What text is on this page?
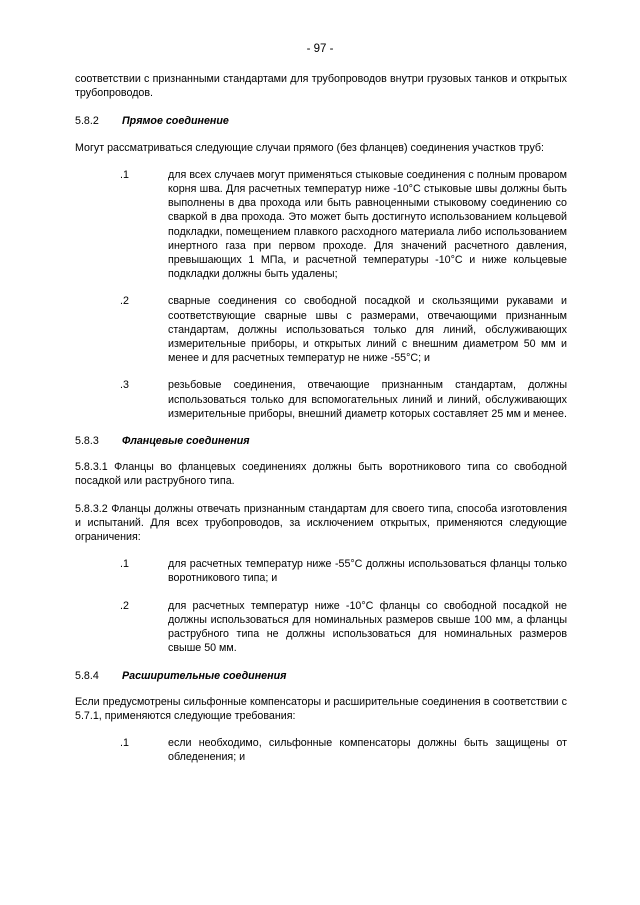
- 97 -

соответствии с признанными стандартами для трубопроводов внутри грузовых танков и открытых трубопроводов.

5.8.2	Прямое соединение

Могут рассматриваться следующие случаи прямого (без фланцев) соединения участков труб:

.1	для всех случаев могут применяться стыковые соединения с полным проваром корня шва. Для расчетных температур ниже -10°С стыковые швы должны быть выполнены в два прохода или быть равноценными стыковому соединению со сваркой в два прохода. Это может быть достигнуто использованием кольцевой подкладки, помещением плавкого расходного материала либо использованием инертного газа при первом проходе. Для значений расчетного давления, превышающих 1 МПа, и расчетной температуры -10°С и ниже кольцевые подкладки должны быть удалены;
.2	сварные соединения со свободной посадкой и скользящими рукавами и соответствующие сварные швы с размерами, отвечающими признанным стандартам, должны использоваться только для линий, обслуживающих измерительные приборы, и открытых линий с внешним диаметром 50 мм и менее и для расчетных температур не ниже -55°С; и
.3	резьбовые соединения, отвечающие признанным стандартам, должны использоваться только для вспомогательных линий и линий, обслуживающих измерительные приборы, внешний диаметр которых составляет 25 мм и менее.
5.8.3	Фланцевые соединения

5.8.3.1 Фланцы во фланцевых соединениях должны быть воротникового типа со свободной посадкой или раструбного типа.

5.8.3.2 Фланцы должны отвечать признанным стандартам для своего типа, способа изготовления и испытаний. Для всех трубопроводов, за исключением открытых, применяются следующие ограничения:

.1	для расчетных температур ниже -55°С должны использоваться фланцы только воротникового типа; и
.2	для расчетных температур ниже -10°С фланцы со свободной посадкой не должны использоваться для номинальных размеров свыше 100 мм, а фланцы раструбного типа не должны использоваться для номинальных размеров свыше 50 мм.
5.8.4	Расширительные соединения

Если предусмотрены сильфонные компенсаторы и расширительные соединения в соответствии с 5.7.1, применяются следующие требования:

.1	если необходимо, сильфонные компенсаторы должны быть защищены от обледенения; и
